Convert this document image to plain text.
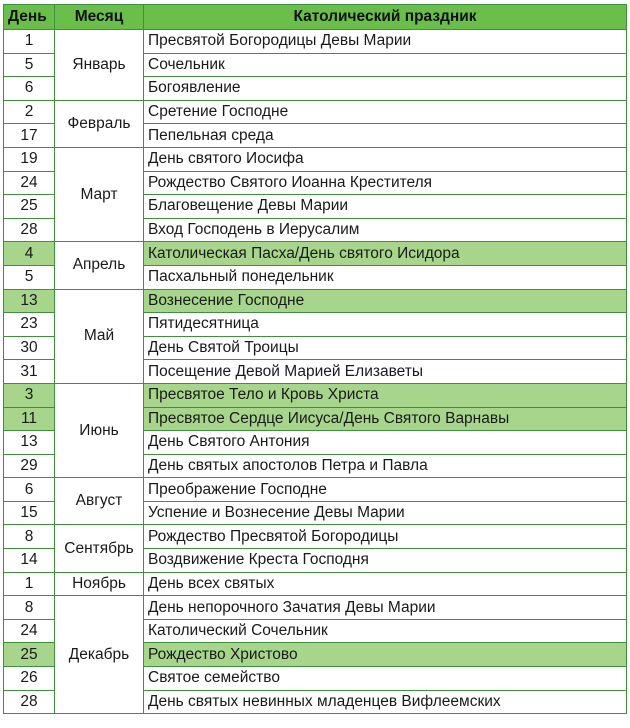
День	Месяц	Католический праздник
1	Январь	Пресвятой Богородицы Девы Марии
5		Сочельник
6		Богоявление
2	Февраль	Сретение Господне
17		Пепельная среда
19	Март	День святого Иосифа
24		Рождество Святого Иоанна Крестителя
25		Благовещение Девы Марии
28		Вход Господень в Иерусалим
4	Апрель	Католическая Пасха/День святого Исидора
5		Пасхальный понедельник
13	Май	Вознесение Господне
23		Пятидесятница
30		День Святой Троицы
31		Посещение Девой Марией Елизаветы
3	Июнь	Пресвятое Тело и Кровь Христа
11		Пресвятое Сердце Иисуса/День Святого Варнавы
13		День Святого Антония
29		День святых апостолов Петра и Павла
6	Август	Преображение Господне
15		Успение и Вознесение Девы Марии
8	Сентябрь	Рождество Пресвятой Богородицы
14		Воздвижение Креста Господня
1	Ноябрь	День всех святых
8	Декабрь	День непорочного Зачатия Девы Марии
24		Католический Сочельник
25		Рождество Христово
26		Святое семейство
28		День святых невинных младенцев Вифлеемских
